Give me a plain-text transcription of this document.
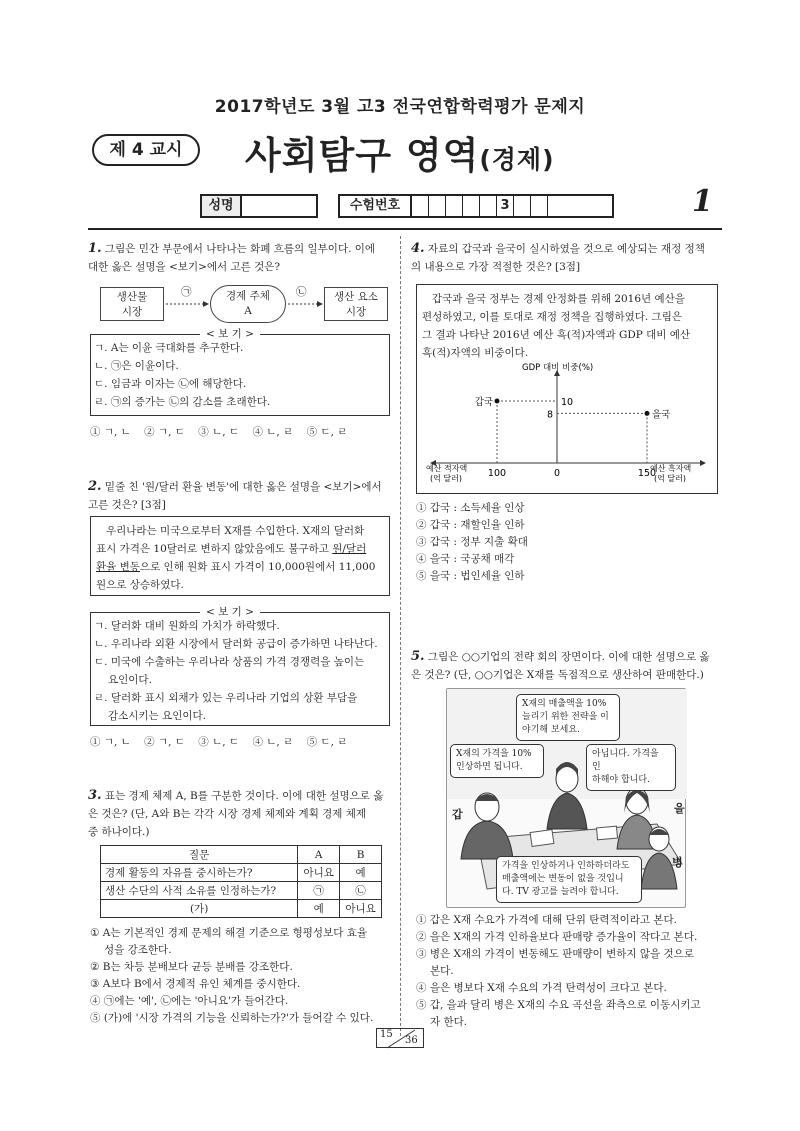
2017학년도 3월 고3 전국연합학력평가 문제지
제 4 교시	사회탐구 영역(경제)
성명	수험번호	3	1
1. 그림은 민간 부문에서 나타나는 화폐 흐름의 일부이다. 이에
대한 옳은 설명을 <보기>에서 고른 것은?
생산물
시장
경제 주체
A
생산 요소
시장
㉠	㉡
< 보 기 >
ㄱ. A는 이윤 극대화를 추구한다.
ㄴ. ㉠은 이윤이다.
ㄷ. 임금과 이자는 ㉡에 해당한다.
ㄹ. ㉠의 증가는 ㉡의 감소를 초래한다.
① ㄱ, ㄴ    ② ㄱ, ㄷ    ③ ㄴ, ㄷ    ④ ㄴ, ㄹ    ⑤ ㄷ, ㄹ
2. 밑줄 친 '원/달러 환율 변동'에 대한 옳은 설명을 <보기>에서
고른 것은? [3점]
우리나라는 미국으로부터 X재를 수입한다. X재의 달러화
표시 가격은 10달러로 변하지 않았음에도 불구하고 원/달러
환율 변동으로 인해 원화 표시 가격이 10,000원에서 11,000
원으로 상승하였다.
< 보 기 >
ㄱ. 달러화 대비 원화의 가치가 하락했다.
ㄴ. 우리나라 외환 시장에서 달러화 공급이 증가하면 나타난다.
ㄷ. 미국에 수출하는 우리나라 상품의 가격 경쟁력을 높이는
요인이다.
ㄹ. 달러화 표시 외채가 있는 우리나라 기업의 상환 부담을
감소시키는 요인이다.
① ㄱ, ㄴ    ② ㄱ, ㄷ    ③ ㄴ, ㄷ    ④ ㄴ, ㄹ    ⑤ ㄷ, ㄹ
3. 표는 경제 체제 A, B를 구분한 것이다. 이에 대한 설명으로 옳
은 것은? (단, A와 B는 각각 시장 경제 체제와 계획 경제 체제
중 하나이다.)
질문	A	B
경제 활동의 자유를 중시하는가?	아니요	예
생산 수단의 사적 소유를 인정하는가?	㉠	㉡
(가)	예	아니요
① A는 기본적인 경제 문제의 해결 기준으로 형평성보다 효율
성을 강조한다.
② B는 차등 분배보다 균등 분배를 강조한다.
③ A보다 B에서 경제적 유인 체계를 중시한다.
④ ㉠에는 '예', ㉡에는 '아니요'가 들어간다.
⑤ (가)에 '시장 가격의 기능을 신뢰하는가?'가 들어갈 수 있다.
4. 자료의 갑국과 을국이 실시하였을 것으로 예상되는 재정 정책
의 내용으로 가장 적절한 것은? [3점]
갑국과 을국 정부는 경제 안정화를 위해 2016년 예산을
편성하였고, 이를 토대로 재정 정책을 집행하였다. 그림은
그 결과 나타난 2016년 예산 흑(적)자액과 GDP 대비 예산
흑(적)자액의 비중이다.
GDP 대비 비중(%)
갑국
을국
10
8
100	0	150
예산 적자액
(억 달러)
예산 흑자액
(억 달러)
① 갑국 : 소득세율 인상
② 갑국 : 재할인율 인하
③ 갑국 : 정부 지출 확대
④ 을국 : 국공채 매각
⑤ 을국 : 법인세율 인하
5. 그림은 ○○기업의 전략 회의 장면이다. 이에 대한 설명으로 옳
은 것은? (단, ○○기업은 X재를 독점적으로 생산하여 판매한다.)
X재의 매출액을 10%
늘리기 위한 전략을 이
야기해 보세요.
X재의 가격을 10%
인상하면 됩니다.
아닙니다. 가격을 인
하해야 합니다.
가격을 인상하거나 인하하더라도
매출액에는 변동이 없을 것입니
다. TV 광고를 늘려야 합니다.
갑	을
병
① 갑은 X재 수요가 가격에 대해 단위 탄력적이라고 본다.
② 을은 X재의 가격 인하율보다 판매량 증가율이 작다고 본다.
③ 병은 X재의 가격이 변동해도 판매량이 변하지 않을 것으로
본다.
④ 을은 병보다 X재 수요의 가격 탄력성이 크다고 본다.
⑤ 갑, 을과 달리 병은 X재의 수요 곡선을 좌측으로 이동시키고
자 한다.
15
36
